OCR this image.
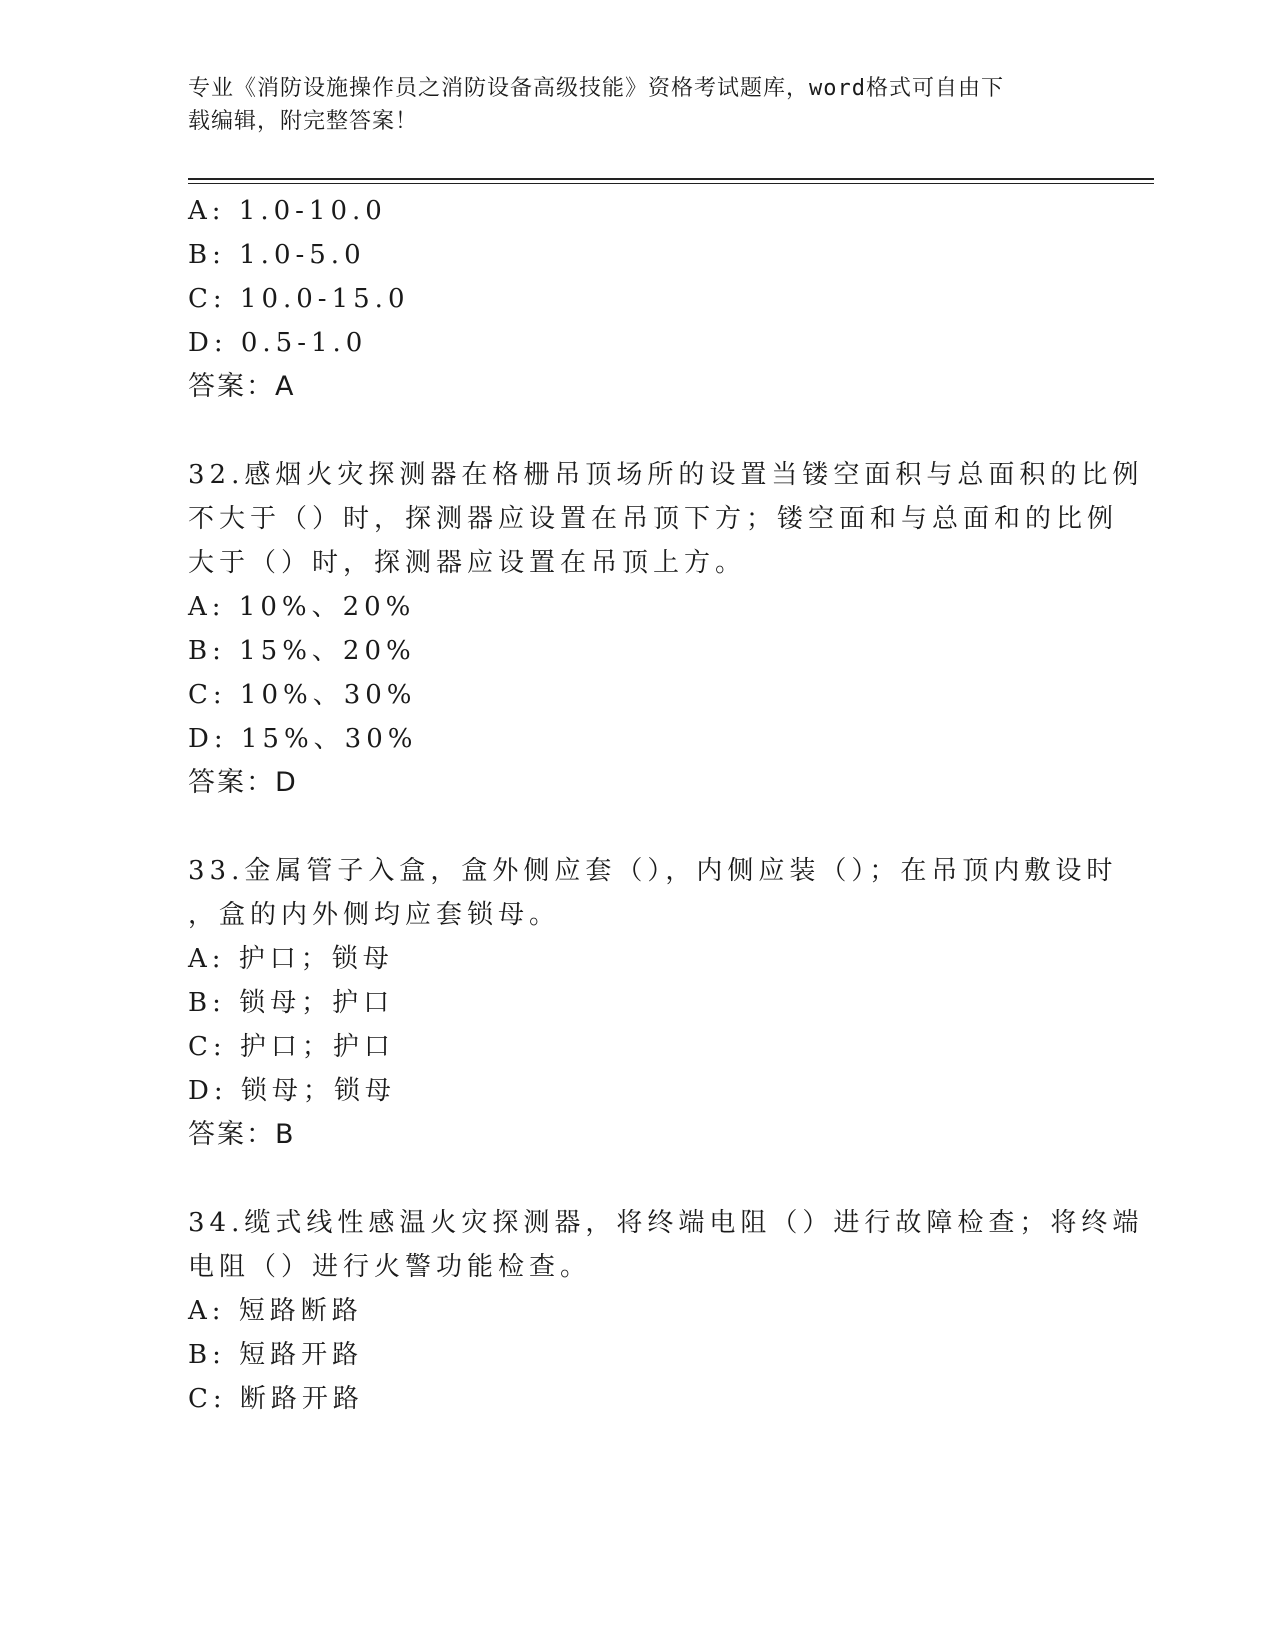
专业《消防设施操作员之消防设备高级技能》资格考试题库，word格式可自由下
载编辑，附完整答案！
A: 1.0-10.0
B: 1.0-5.0
C: 10.0-15.0
D: 0.5-1.0
答案：A
32.感烟火灾探测器在格栅吊顶场所的设置当镂空面积与总面积的比例
不大于（）时，探测器应设置在吊顶下方；镂空面和与总面和的比例
大于（）时，探测器应设置在吊顶上方。
A: 10%、20%
B: 15%、20%
C: 10%、30%
D: 15%、30%
答案：D
33.金属管子入盒，盒外侧应套（），内侧应装（）；在吊顶内敷设时
，盒的内外侧均应套锁母。
A: 护口；锁母
B: 锁母；护口
C: 护口；护口
D: 锁母；锁母
答案：B
34.缆式线性感温火灾探测器，将终端电阻（）进行故障检查；将终端
电阻（）进行火警功能检查。
A: 短路断路
B: 短路开路
C: 断路开路
